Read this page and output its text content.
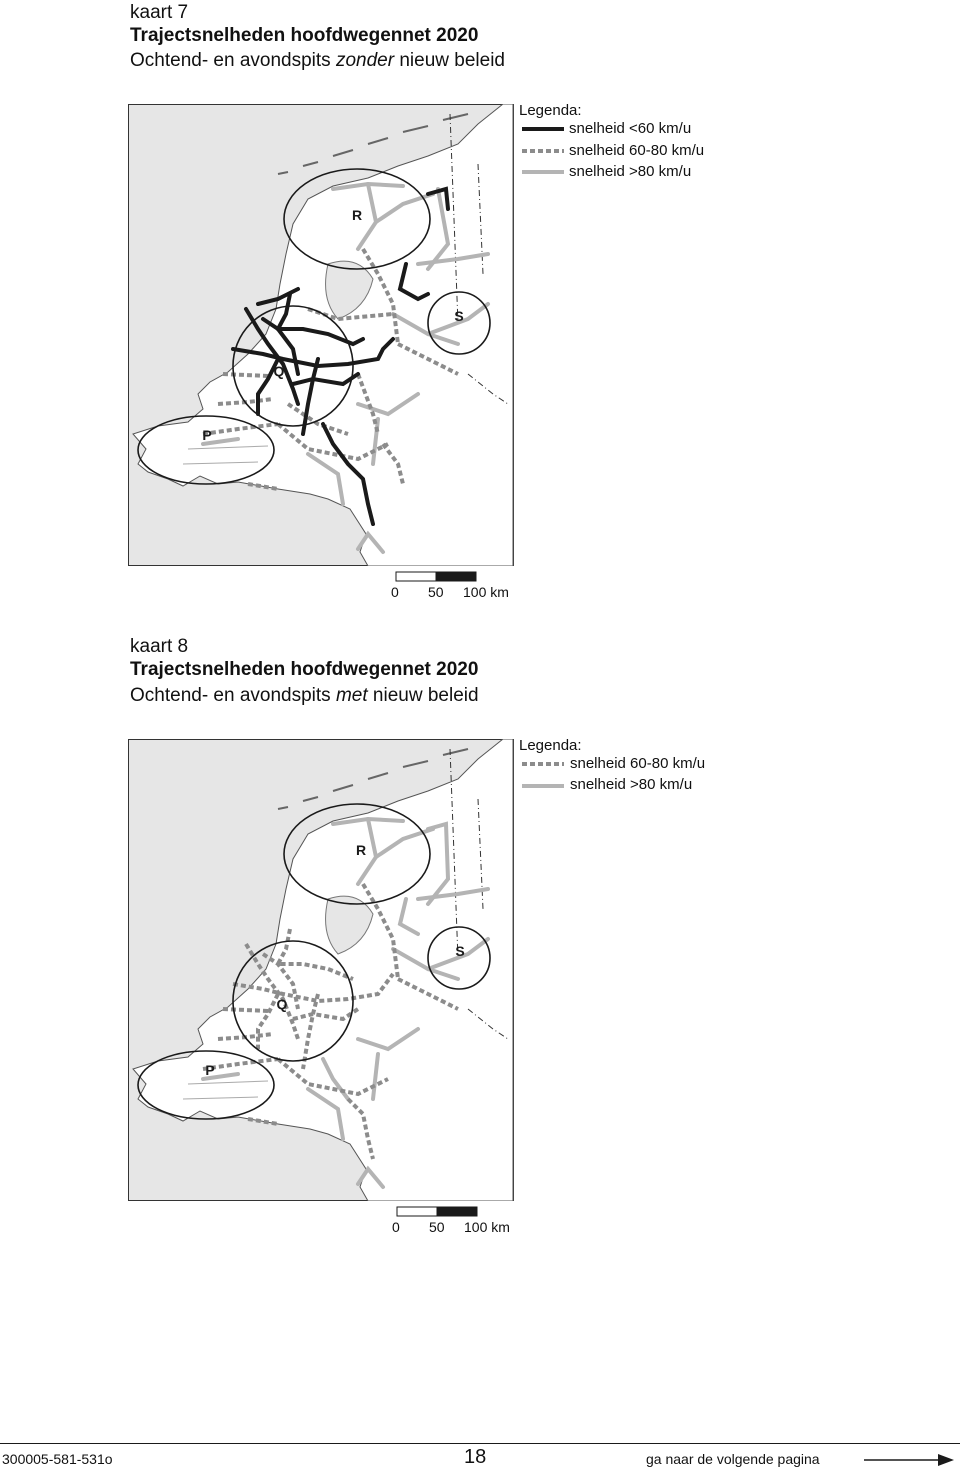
kaart 7
Trajectsnelheden hoofdwegennet 2020
Ochtend- en avondspits zonder nieuw beleid
R
S
Q
P
Legenda:
snelheid <60 km/u
snelheid 60-80 km/u
snelheid >80 km/u
0 50 100 km
kaart 8
Trajectsnelheden hoofdwegennet 2020
Ochtend- en avondspits met nieuw beleid
R
S
Q
P
Legenda:
snelheid 60-80 km/u
snelheid >80 km/u
0 50 100 km
300005-581-531o	18	ga naar de volgende pagina
